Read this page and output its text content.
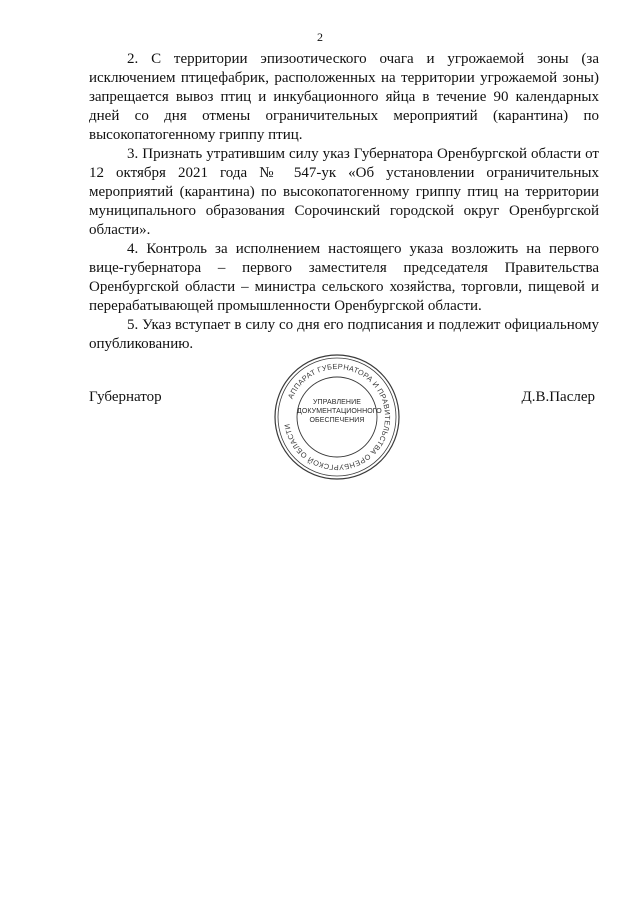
2

2. С территории эпизоотического очага и угрожаемой зоны (за исключением птицефабрик, расположенных на территории угрожаемой зоны) запрещается вывоз птиц и инкубационного яйца в течение 90 календарных дней со дня отмены ограничительных мероприятий (карантина) по высокопатогенному гриппу птиц.

3. Признать утратившим силу указ Губернатора Оренбургской области от 12 октября 2021 года № 547-ук «Об установлении ограничительных мероприятий (карантина) по высокопатогенному гриппу птиц на территории муниципального образования Сорочинский городской округ Оренбургской области».

4. Контроль за исполнением настоящего указа возложить на первого вице-губернатора – первого заместителя председателя Правительства Оренбургской области – министра сельского хозяйства, торговли, пищевой и перерабатывающей промышленности Оренбургской области.

5. Указ вступает в силу со дня его подписания и подлежит официальному опубликованию.

Губернатор	АППАРАТ ГУБЕРНАТОРА И ПРАВИТЕЛЬСТВА ОРЕНБУРГСКОЙ ОБЛАСТИ
УПРАВЛЕНИЕ
ДОКУМЕНТАЦИОННОГО
ОБЕСПЕЧЕНИЯ
Д.В.Паслер
